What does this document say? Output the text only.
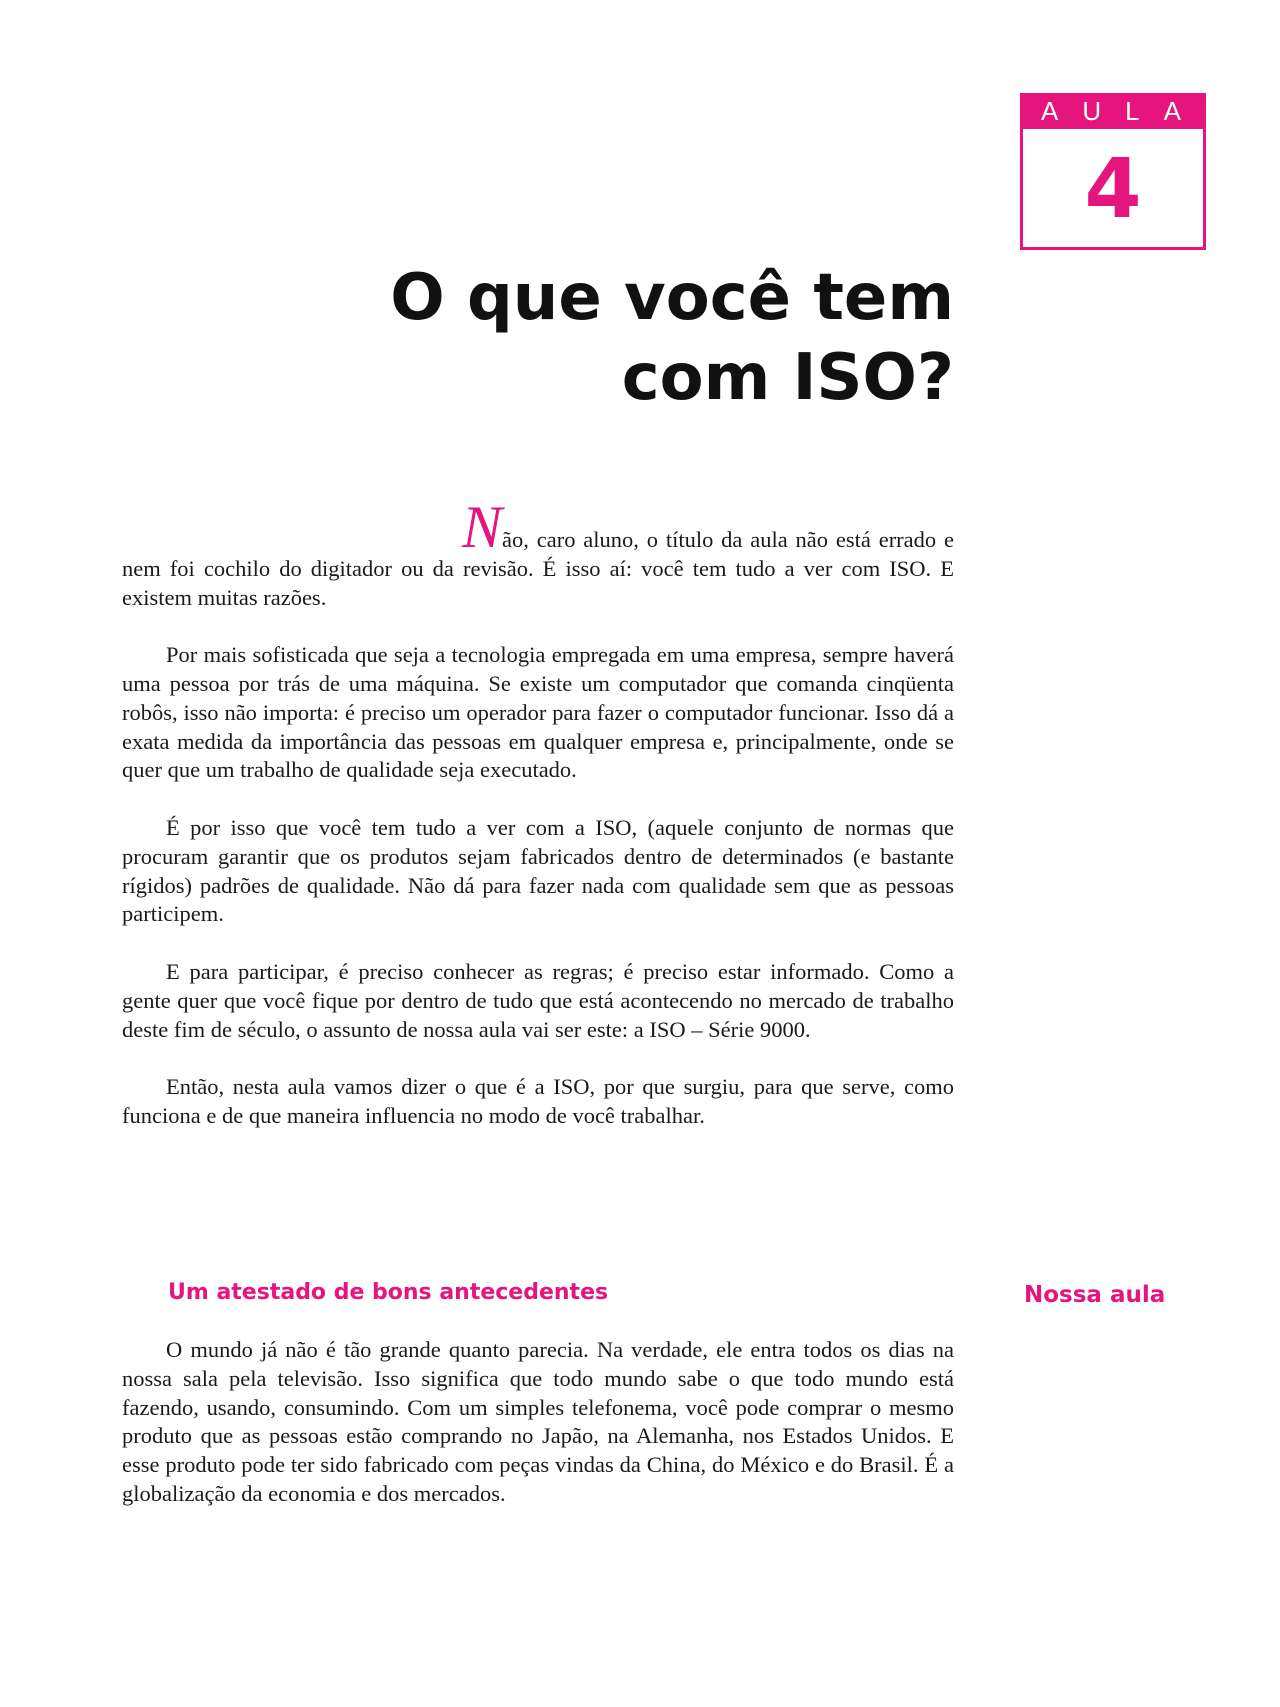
AULA
4
O que você tem
com ISO?

Não, caro aluno, o título da aula não está errado e nem foi cochilo do digitador ou da revisão. É isso aí: você tem tudo a ver com ISO. E existem muitas razões.

Por mais sofisticada que seja a tecnologia empregada em uma empresa, sempre haverá uma pessoa por trás de uma máquina. Se existe um computador que comanda cinqüenta robôs, isso não importa: é preciso um operador para fazer o computador funcionar. Isso dá a exata medida da importância das pessoas em qualquer empresa e, principalmente, onde se quer que um trabalho de qualidade seja executado.

É por isso que você tem tudo a ver com a ISO, (aquele conjunto de normas que procuram garantir que os produtos sejam fabricados dentro de determinados (e bastante rígidos) padrões de qualidade. Não dá para fazer nada com qualidade sem que as pessoas participem.

E para participar, é preciso conhecer as regras; é preciso estar informado. Como a gente quer que você fique por dentro de tudo que está acontecendo no mercado de trabalho deste fim de século, o assunto de nossa aula vai ser este: a ISO – Série 9000.

Então, nesta aula vamos dizer o que é a ISO, por que surgiu, para que serve, como funciona e de que maneira influencia no modo de você trabalhar.

Um atestado de bons antecedentes	Nossa aula

O mundo já não é tão grande quanto parecia. Na verdade, ele entra todos os dias na nossa sala pela televisão. Isso significa que todo mundo sabe o que todo mundo está fazendo, usando, consumindo. Com um simples telefonema, você pode comprar o mesmo produto que as pessoas estão comprando no Japão, na Alemanha, nos Estados Unidos. E esse produto pode ter sido fabricado com peças vindas da China, do México e do Brasil. É a globalização da economia e dos mercados.
